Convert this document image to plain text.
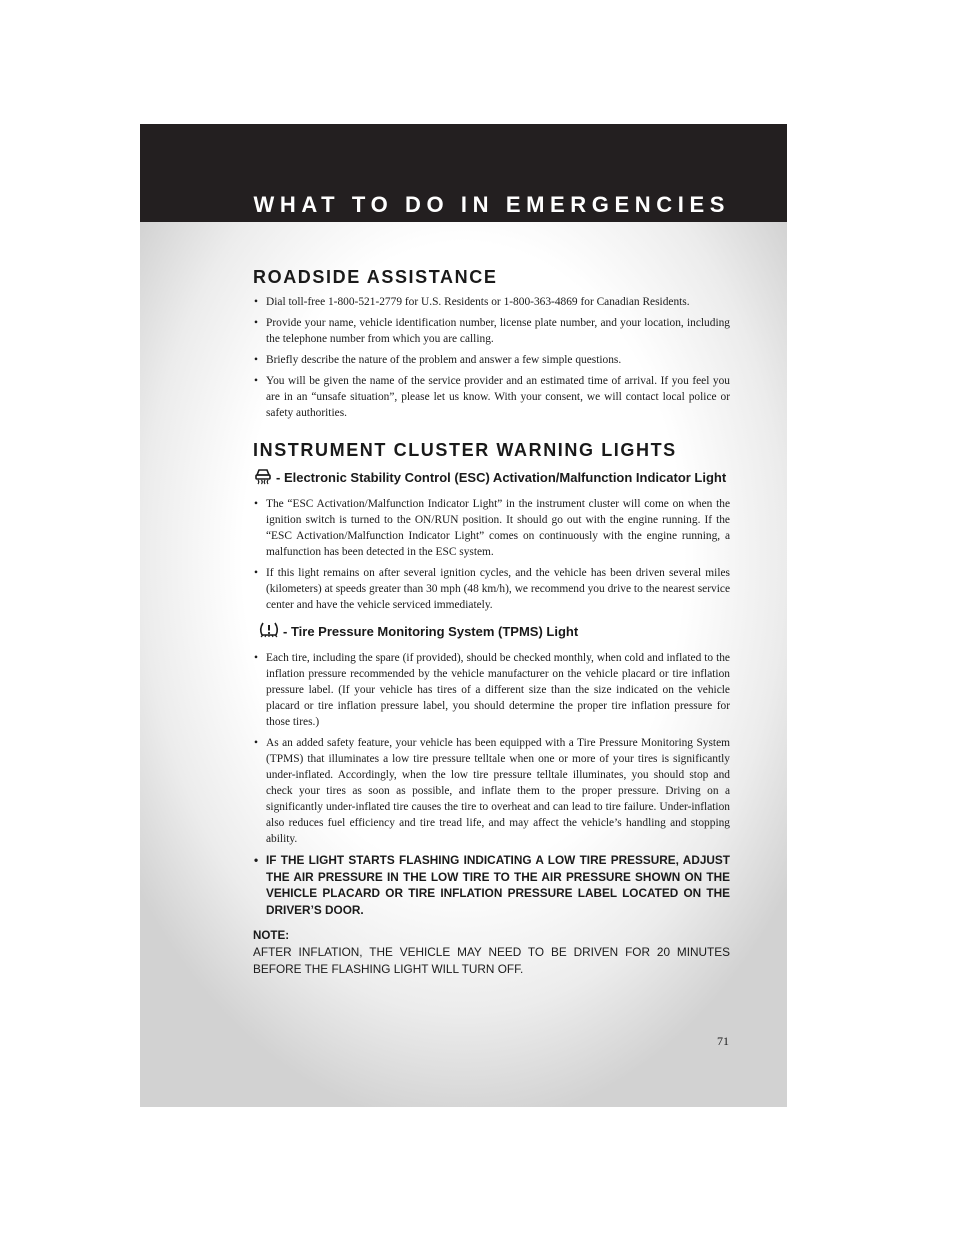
WHAT TO DO IN EMERGENCIES
ROADSIDE ASSISTANCE
• Dial toll-free 1-800-521-2779 for U.S. Residents or 1-800-363-4869 for Canadian Residents.
• Provide your name, vehicle identification number, license plate number, and your location, including the telephone number from which you are calling.
• Briefly describe the nature of the problem and answer a few simple questions.
• You will be given the name of the service provider and an estimated time of arrival. If you feel you are in an “unsafe situation”, please let us know. With your consent, we will contact local police or safety authorities.
INSTRUMENT CLUSTER WARNING LIGHTS
- Electronic Stability Control (ESC) Activation/Malfunction Indicator Light
• The “ESC Activation/Malfunction Indicator Light” in the instrument cluster will come on when the ignition switch is turned to the ON/RUN position. It should go out with the engine running. If the “ESC Activation/Malfunction Indicator Light” comes on continuously with the engine running, a malfunction has been detected in the ESC system.
• If this light remains on after several ignition cycles, and the vehicle has been driven several miles (kilometers) at speeds greater than 30 mph (48 km/h), we recommend you drive to the nearest service center and have the vehicle serviced immediately.
- Tire Pressure Monitoring System (TPMS) Light
• Each tire, including the spare (if provided), should be checked monthly, when cold and inflated to the inflation pressure recommended by the vehicle manufacturer on the vehicle placard or tire inflation pressure label. (If your vehicle has tires of a different size than the size indicated on the vehicle placard or tire inflation pressure label, you should determine the proper tire inflation pressure for those tires.)
• As an added safety feature, your vehicle has been equipped with a Tire Pressure Monitoring System (TPMS) that illuminates a low tire pressure telltale when one or more of your tires is significantly under-inflated. Accordingly, when the low tire pressure telltale illuminates, you should stop and check your tires as soon as possible, and inflate them to the proper pressure. Driving on a significantly under-inflated tire causes the tire to overheat and can lead to tire failure. Under-inflation also reduces fuel efficiency and tire tread life, and may affect the vehicle’s handling and stopping ability.
• IF THE LIGHT STARTS FLASHING INDICATING A LOW TIRE PRESSURE, ADJUST THE AIR PRESSURE IN THE LOW TIRE TO THE AIR PRESSURE SHOWN ON THE VEHICLE PLACARD OR TIRE INFLATION PRESSURE LABEL LOCATED ON THE DRIVER’S DOOR.
NOTE:
AFTER INFLATION, THE VEHICLE MAY NEED TO BE DRIVEN FOR 20 MINUTES BEFORE THE FLASHING LIGHT WILL TURN OFF.
71
